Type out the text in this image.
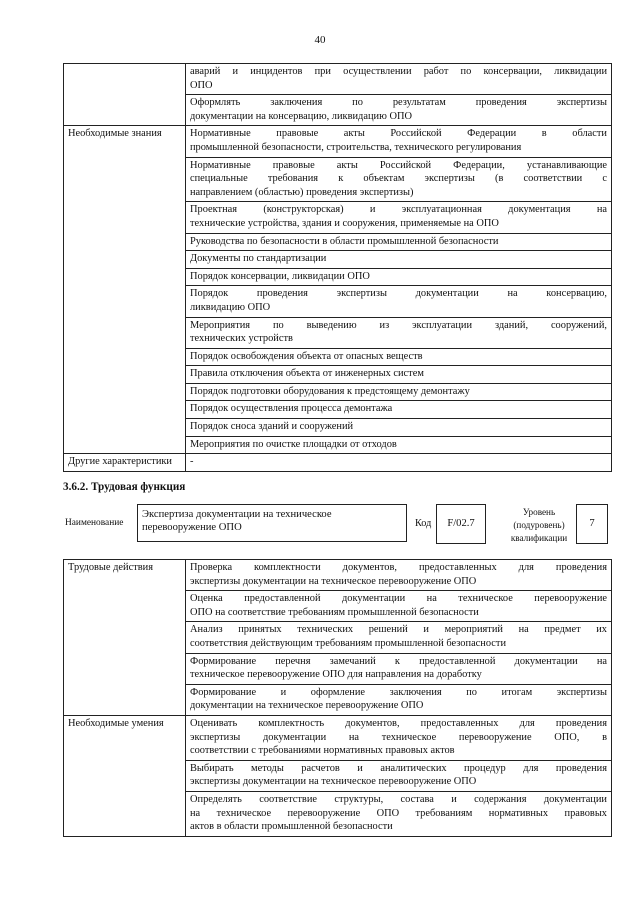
40

	аварий и инцидентов при осуществлении работ по консервации, ликвидации
ОПО

	Оформлять заключения по результатам проведения экспертизы
документации на консервацию, ликвидацию ОПО

Необходимые знания	Нормативные правовые акты Российской Федерации в области
промышленной безопасности, строительства, технического регулирования

	Нормативные правовые акты Российской Федерации, устанавливающие
специальные требования к объектам экспертизы (в соответствии с
направлением (областью) проведения экспертизы)

	Проектная (конструкторская) и эксплуатационная документация на
технические устройства, здания и сооружения, применяемые на ОПО

	Руководства по безопасности в области промышленной безопасности

	Документы по стандартизации

	Порядок консервации, ликвидации ОПО

	Порядок проведения экспертизы документации на консервацию,
ликвидацию ОПО

	Мероприятия по выведению из эксплуатации зданий, сооружений,
технических устройств

	Порядок освобождения объекта от опасных веществ

	Правила отключения объекта от инженерных систем

	Порядок подготовки оборудования к предстоящему демонтажу

	Порядок осуществления процесса демонтажа

	Порядок сноса зданий и сооружений

	Мероприятия по очистке площадки от отходов

Другие характеристики	-
3.6.2. Трудовая функция
Наименование
Экспертиза документации на техническое перевооружение ОПО	Код	F/02.7
Уровень (подуровень) квалификации
7
Трудовые действия	Проверка комплектности документов, предоставленных для проведения
экспертизы документации на техническое перевооружение ОПО

	Оценка предоставленной документации на техническое перевооружение
ОПО на соответствие требованиям промышленной безопасности

	Анализ принятых технических решений и мероприятий на предмет их
соответствия действующим требованиям промышленной безопасности

	Формирование перечня замечаний к предоставленной документации на
техническое перевооружение ОПО для направления на доработку

	Формирование и оформление заключения по итогам экспертизы
документации на техническое перевооружение ОПО

Необходимые умения	Оценивать комплектность документов, предоставленных для проведения
экспертизы документации на техническое перевооружение ОПО, в
соответствии с требованиями нормативных правовых актов

	Выбирать методы расчетов и аналитических процедур для проведения
экспертизы документации на техническое перевооружение ОПО

	Определять соответствие структуры, состава и содержания документации
на техническое перевооружение ОПО требованиям нормативных правовых
актов в области промышленной безопасности
